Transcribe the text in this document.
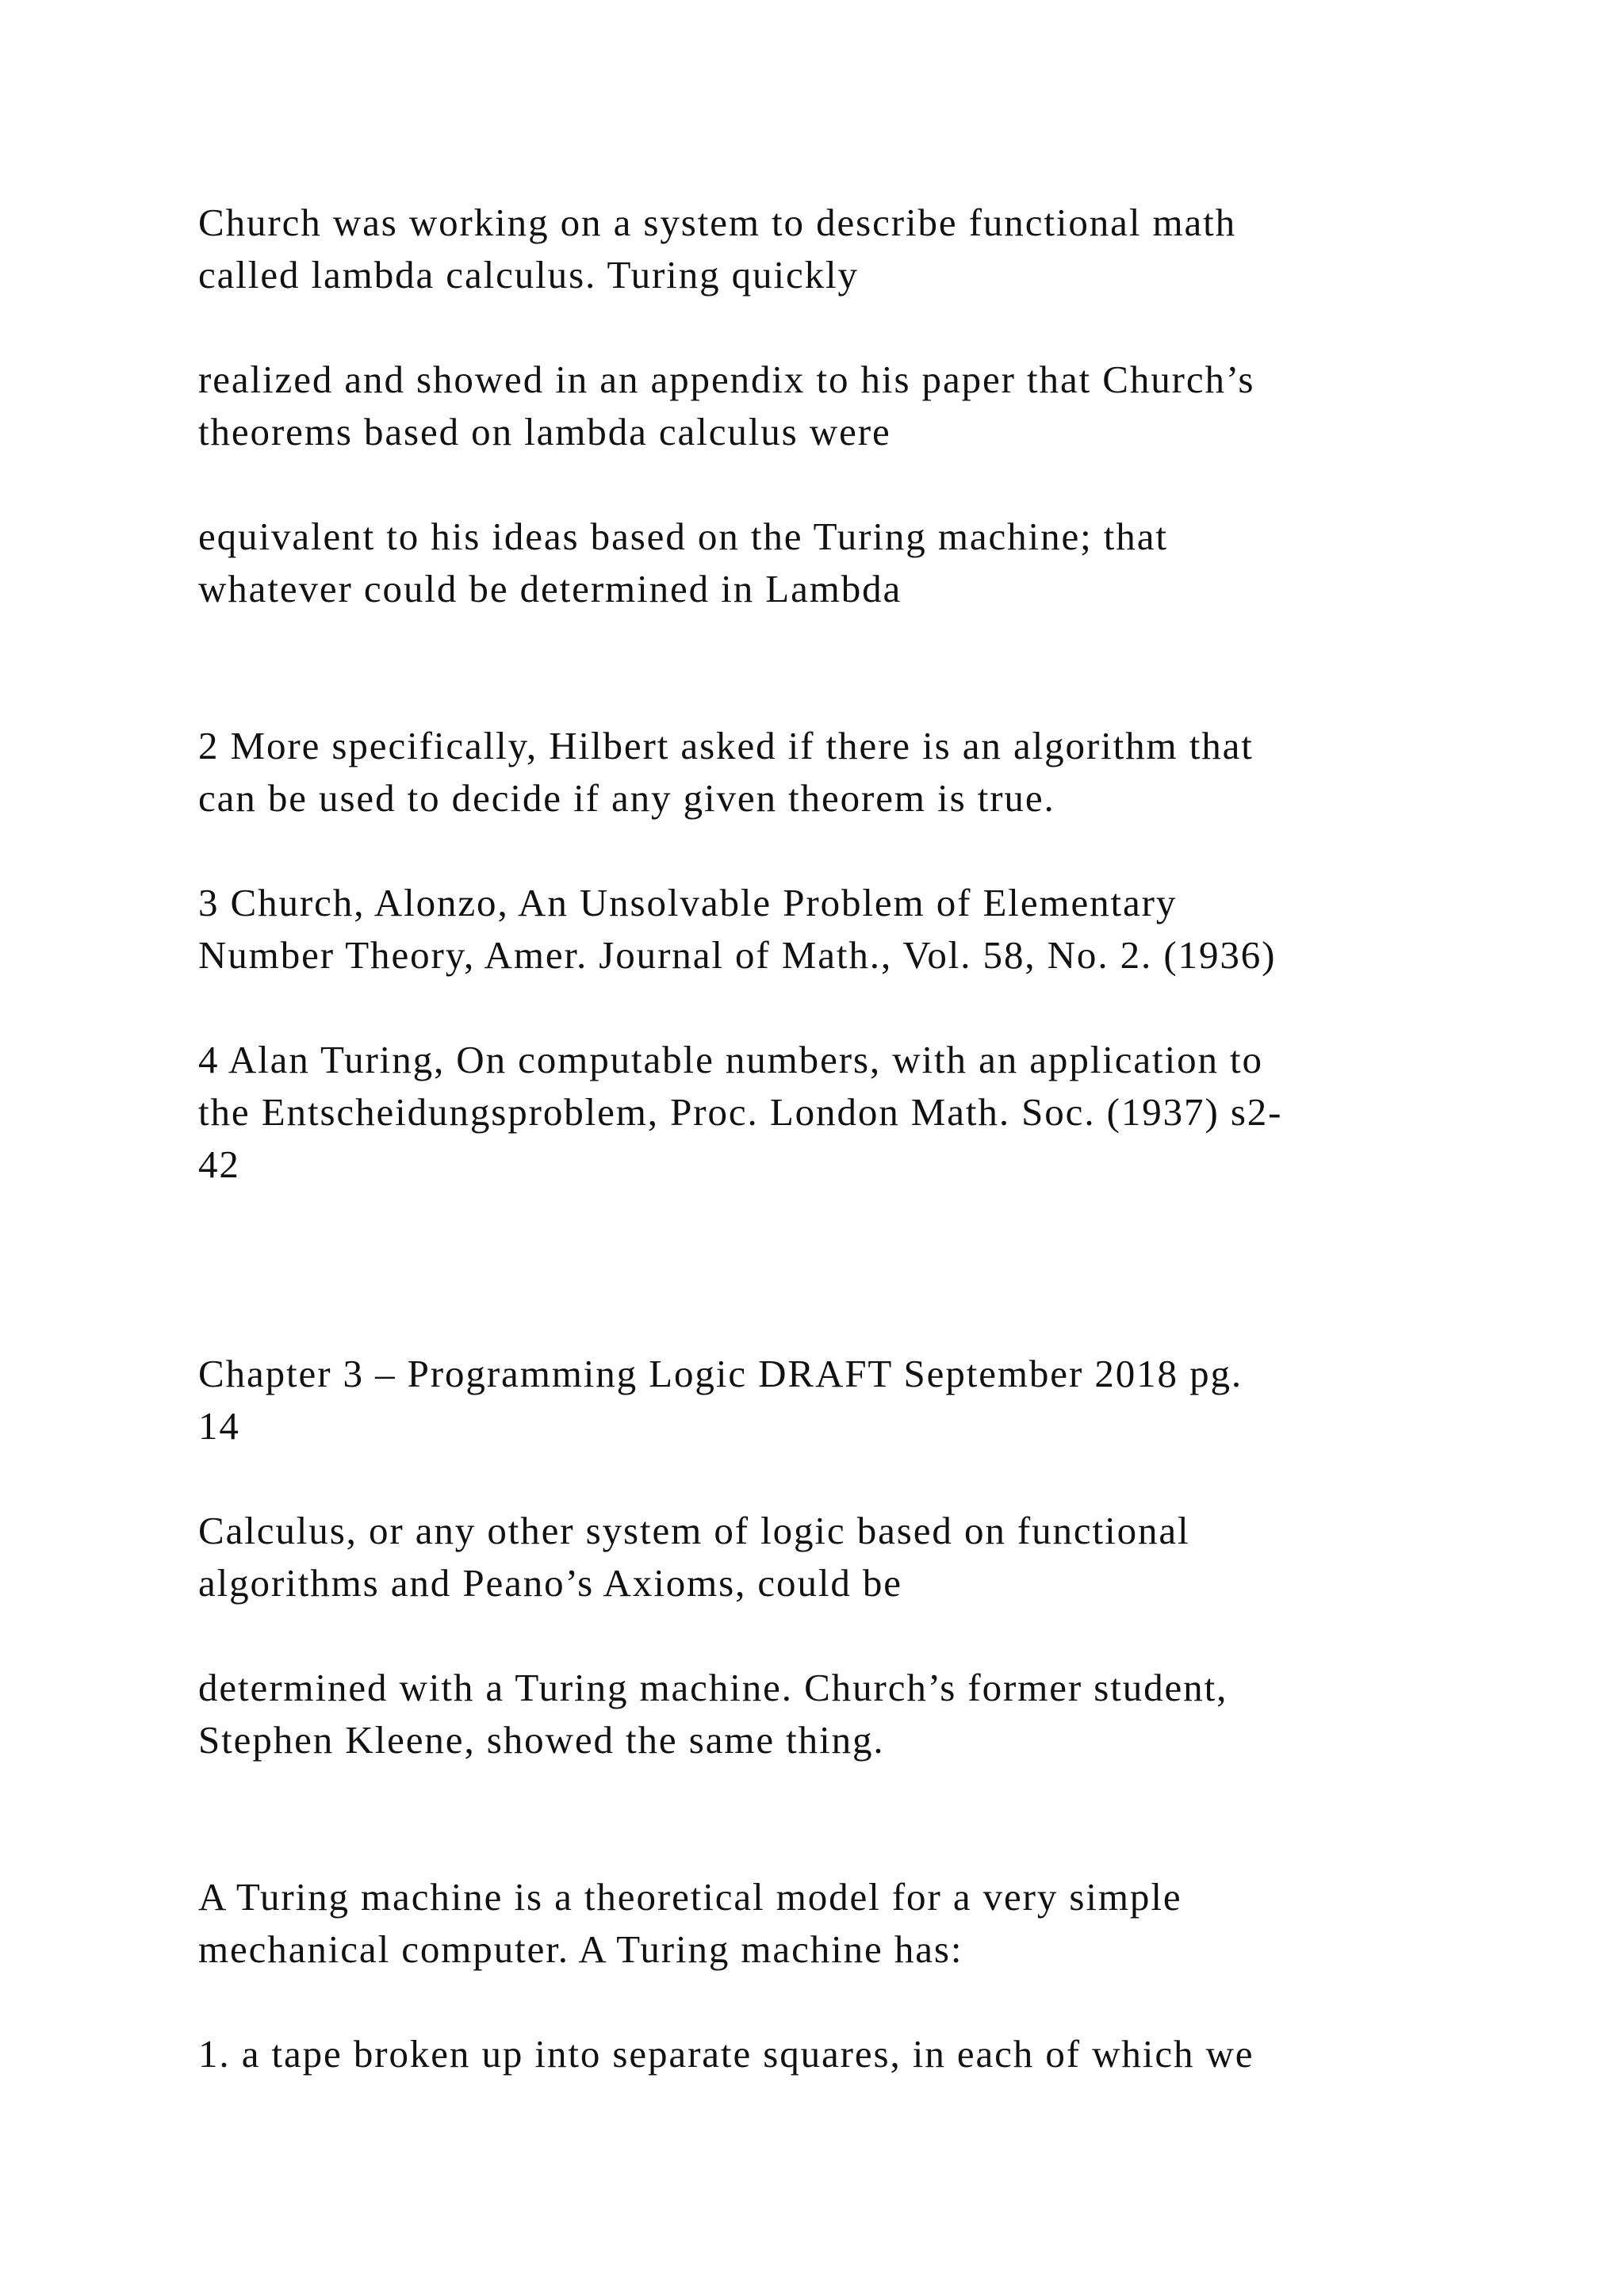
Church was working on a system to describe functional math

called lambda calculus. Turing quickly

realized and showed in an appendix to his paper that Church’s

theorems based on lambda calculus were

equivalent to his ideas based on the Turing machine; that

whatever could be determined in Lambda

2 More specifically, Hilbert asked if there is an algorithm that

can be used to decide if any given theorem is true.

3 Church, Alonzo, An Unsolvable Problem of Elementary

Number Theory, Amer. Journal of Math., Vol. 58, No. 2. (1936)

4 Alan Turing, On computable numbers, with an application to

the Entscheidungsproblem, Proc. London Math. Soc. (1937) s2-

42

Chapter 3 – Programming Logic DRAFT September 2018 pg.

14

Calculus, or any other system of logic based on functional

algorithms and Peano’s Axioms, could be

determined with a Turing machine. Church’s former student,

Stephen Kleene, showed the same thing.

A Turing machine is a theoretical model for a very simple

mechanical computer. A Turing machine has:

1. a tape broken up into separate squares, in each of which we
